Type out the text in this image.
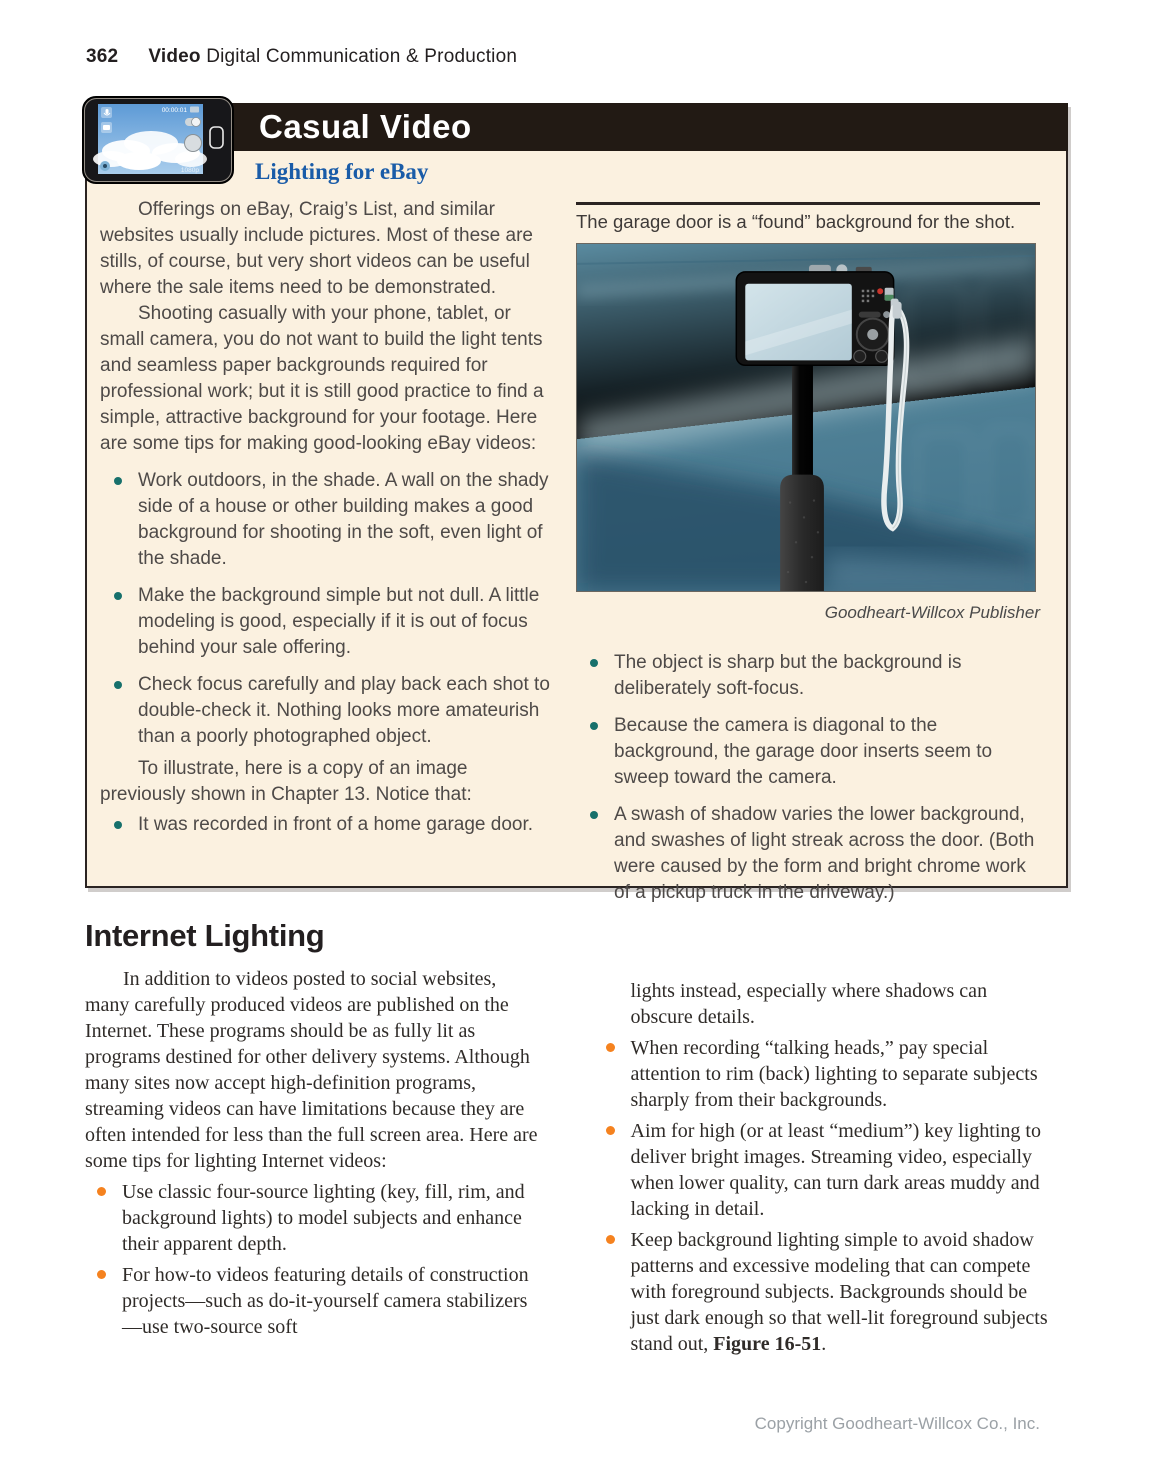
362 Video Digital Communication & Production
Casual Video
00:00:01
1080p Lighting for eBay

Offerings on eBay, Craig’s List, and similar websites usually include pictures. Most of these are stills, of course, but very short videos can be useful where the sale items need to be demonstrated.

Shooting casually with your phone, tablet, or small camera, you do not want to build the light tents and seamless paper backgrounds required for professional work; but it is still good practice to find a simple, attractive background for your footage. Here are some tips for making good-looking eBay videos:

Work outdoors, in the shade. A wall on the shady side of a house or other building makes a good background for shooting in the soft, even light of the shade.
Make the background simple but not dull. A little modeling is good, especially if it is out of focus behind your sale offering.
Check focus carefully and play back each shot to double-check it. Nothing looks more amateurish than a poorly photographed object.

To illustrate, here is a copy of an image previously shown in Chapter 13. Notice that:

It was recorded in front of a home garage door.
The garage door is a “found” background for the shot.
Goodheart-Willcox Publisher
The object is sharp but the background is deliberately soft-focus.
Because the camera is diagonal to the background, the garage door inserts seem to sweep toward the camera.
A swash of shadow varies the lower background, and swashes of light streak across the door. (Both were caused by the form and bright chrome work of a pickup truck in the driveway.)
Internet Lighting

In addition to videos posted to social websites, many carefully produced videos are published on the Internet. These programs should be as fully lit as programs destined for other delivery systems. Although many sites now accept high-definition programs, streaming videos can have limitations because they are often intended for less than the full screen area. Here are some tips for lighting Internet videos:

Use classic four-source lighting (key, fill, rim, and background lights) to model subjects and enhance their apparent depth.
For how-to videos featuring details of construction projects—such as do-it-yourself camera stabilizers—use two-source soft
lights instead, especially where shadows can obscure details.
When recording “talking heads,” pay special attention to rim (back) lighting to separate subjects sharply from their backgrounds.
Aim for high (or at least “medium”) key lighting to deliver bright images. Streaming video, especially when lower quality, can turn dark areas muddy and lacking in detail.
Keep background lighting simple to avoid shadow patterns and excessive modeling that can compete with foreground subjects. Backgrounds should be just dark enough so that well-lit foreground subjects stand out, Figure 16-51.
Copyright Goodheart-Willcox Co., Inc.
